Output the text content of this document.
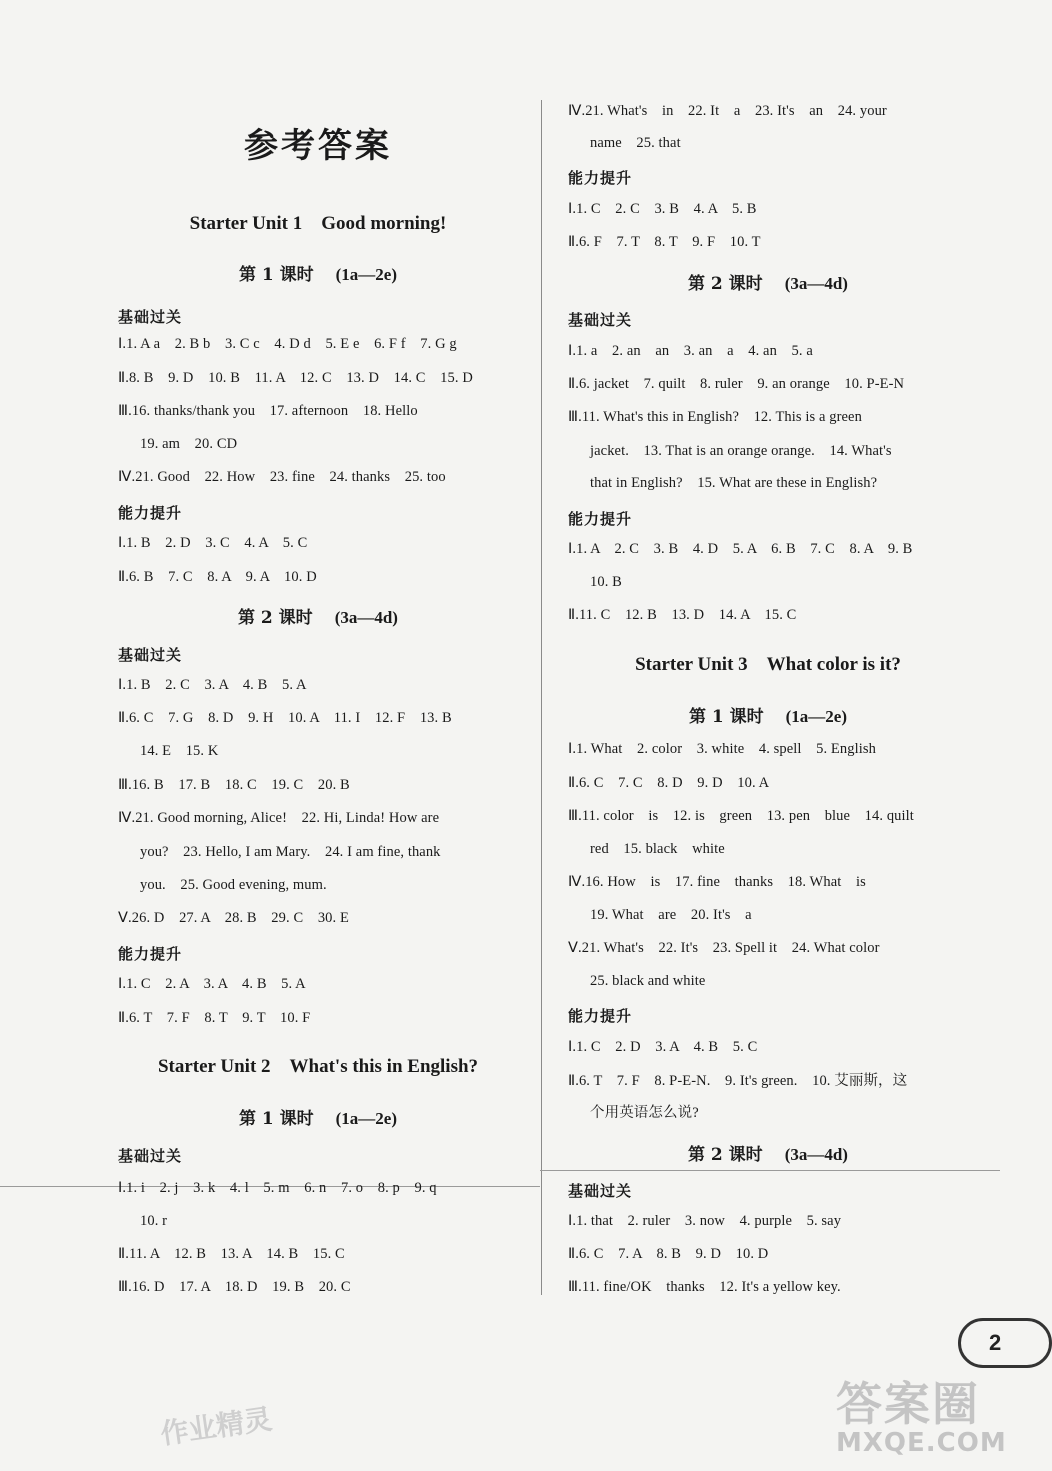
参考答案
Starter Unit 1　Good morning!
第 1 课时 (1a—2e)
基础过关
Ⅰ.1. A a　2. B b　3. C c　4. D d　5. E e　6. F f　7. G g
Ⅱ.8. B　9. D　10. B　11. A　12. C　13. D　14. C　15. D
Ⅲ.16. thanks/thank you　17. afternoon　18. Hello
19. am　20. CD
Ⅳ.21. Good　22. How　23. fine　24. thanks　25. too
能力提升
Ⅰ.1. B　2. D　3. C　4. A　5. C
Ⅱ.6. B　7. C　8. A　9. A　10. D
第 2 课时 (3a—4d)
基础过关
Ⅰ.1. B　2. C　3. A　4. B　5. A
Ⅱ.6. C　7. G　8. D　9. H　10. A　11. I　12. F　13. B
14. E　15. K
Ⅲ.16. B　17. B　18. C　19. C　20. B
Ⅳ.21. Good morning, Alice!　22. Hi, Linda! How are
you?　23. Hello, I am Mary.　24. I am fine, thank
you.　25. Good evening, mum.
Ⅴ.26. D　27. A　28. B　29. C　30. E
能力提升
Ⅰ.1. C　2. A　3. A　4. B　5. A
Ⅱ.6. T　7. F　8. T　9. T　10. F
Starter Unit 2　What's this in English?
第 1 课时 (1a—2e)
基础过关
Ⅰ.1. i　2. j　3. k　4. l　5. m　6. n　7. o　8. p　9. q
10. r
Ⅱ.11. A　12. B　13. A　14. B　15. C
Ⅲ.16. D　17. A　18. D　19. B　20. C
Ⅳ.21. What's　in　22. It　a　23. It's　an　24. your
name　25. that
能力提升
Ⅰ.1. C　2. C　3. B　4. A　5. B
Ⅱ.6. F　7. T　8. T　9. F　10. T
第 2 课时 (3a—4d)
基础过关
Ⅰ.1. a　2. an　an　3. an　a　4. an　5. a
Ⅱ.6. jacket　7. quilt　8. ruler　9. an orange　10. P-E-N
Ⅲ.11. What's this in English?　12. This is a green
jacket.　13. That is an orange orange.　14. What's
that in English?　15. What are these in English?
能力提升
Ⅰ.1. A　2. C　3. B　4. D　5. A　6. B　7. C　8. A　9. B
10. B
Ⅱ.11. C　12. B　13. D　14. A　15. C
Starter Unit 3　What color is it?
第 1 课时 (1a—2e)
Ⅰ.1. What　2. color　3. white　4. spell　5. English
Ⅱ.6. C　7. C　8. D　9. D　10. A
Ⅲ.11. color　is　12. is　green　13. pen　blue　14. quilt
red　15. black　white
Ⅳ.16. How　is　17. fine　thanks　18. What　is
19. What　are　20. It's　a
Ⅴ.21. What's　22. It's　23. Spell it　24. What color
25. black and white
能力提升
Ⅰ.1. C　2. D　3. A　4. B　5. C
Ⅱ.6. T　7. F　8. P-E-N.　9. It's green.　10. 艾丽斯，这
个用英语怎么说?
第 2 课时 (3a—4d)
基础过关
Ⅰ.1. that　2. ruler　3. now　4. purple　5. say
Ⅱ.6. C　7. A　8. B　9. D　10. D
Ⅲ.11. fine/OK　thanks　12. It's a yellow key.
2
作业精灵	答案圈
MXQE.COM
